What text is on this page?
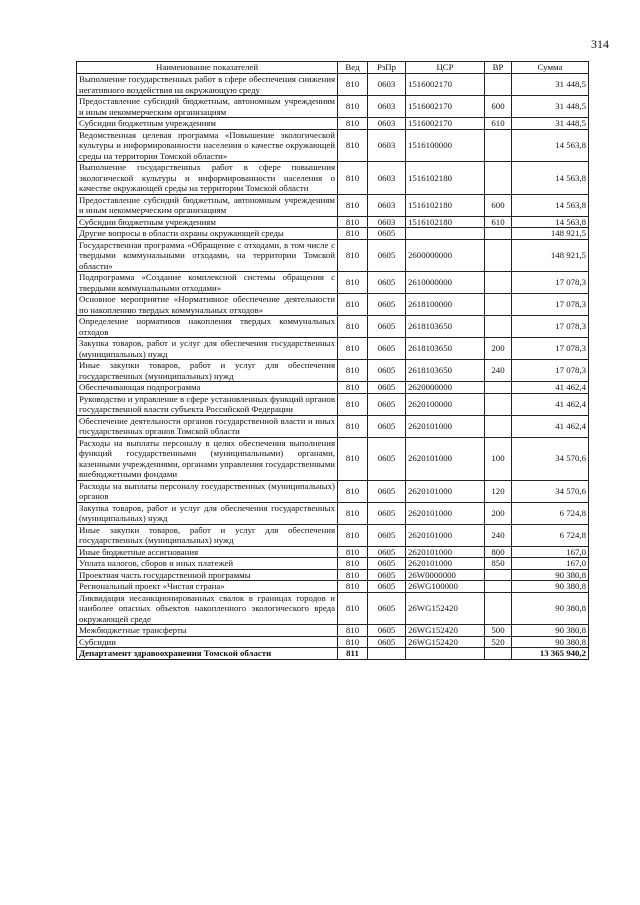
314
Наименование показателей	Вед	РзПр	ЦСР	ВР	Сумма
Выполнение государственных работ в сфере обеспечения снижения негативного воздействия на окружающую среду	810	0603	1516002170		31 448,5
Предоставление субсидий бюджетным, автономным учреждениям и иным некоммерческим организациям	810	0603	1516002170	600	31 448,5
Субсидии бюджетным учреждениям	810	0603	1516002170	610	31 448,5
Ведомственная целевая программа «Повышение экологической культуры и информированности населения о качестве окружающей среды на территории Томской области»	810	0603	1516100000		14 563,8
Выполнение государственных работ в сфере повышения экологической культуры и информированности населения о качестве окружающей среды на территории Томской области	810	0603	1516102180		14 563,8
Предоставление субсидий бюджетным, автономным учреждениям и иным некоммерческим организациям	810	0603	1516102180	600	14 563,8
Субсидии бюджетным учреждениям	810	0603	1516102180	610	14 563,8
Другие вопросы в области охраны окружающей среды	810	0605			148 921,5
Государственная программа «Обращение с отходами, в том числе с твердыми коммунальными отходами, на территории Томской области»	810	0605	2600000000		148 921,5
Подпрограмма «Создание комплексной системы обращения с твердыми коммунальными отходами»	810	0605	2610000000		17 078,3
Основное мероприятие «Нормативное обеспечение деятельности по накоплению твердых коммунальных отходов»	810	0605	2618100000		17 078,3
Определение нормативов накопления твердых коммунальных отходов	810	0605	2618103650		17 078,3
Закупка товаров, работ и услуг для обеспечения государственных (муниципальных) нужд	810	0605	2618103650	200	17 078,3
Иные закупки товаров, работ и услуг для обеспечения государственных (муниципальных) нужд	810	0605	2618103650	240	17 078,3
Обеспечивающая подпрограмма	810	0605	2620000000		41 462,4
Руководство и управление в сфере установленных функций органов государственной власти субъекта Российской Федерации	810	0605	2620100000		41 462,4
Обеспечение деятельности органов государственной власти и иных государственных органов Томской области	810	0605	2620101000		41 462,4
Расходы на выплаты персоналу в целях обеспечения выполнения функций государственными (муниципальными) органами, казенными учреждениями, органами управления государственными внебюджетными фондами	810	0605	2620101000	100	34 570,6
Расходы на выплаты персоналу государственных (муниципальных) органов	810	0605	2620101000	120	34 570,6
Закупка товаров, работ и услуг для обеспечения государственных (муниципальных) нужд	810	0605	2620101000	200	6 724,8
Иные закупки товаров, работ и услуг для обеспечения государственных (муниципальных) нужд	810	0605	2620101000	240	6 724,8
Иные бюджетные ассигнования	810	0605	2620101000	800	167,0
Уплата налогов, сборов и иных платежей	810	0605	2620101000	850	167,0
Проектная часть государственной программы	810	0605	26W0000000		90 380,8
Региональный проект «Чистая страна»	810	0605	26WG100000		90 380,8
Ликвидация несанкционированных свалок в границах городов и наиболее опасных объектов накопленного экологического вреда окружающей среде	810	0605	26WG152420		90 380,8
Межбюджетные трансферты	810	0605	26WG152420	500	90 380,8
Субсидии	810	0605	26WG152420	520	90 380,8
Департамент здравоохранения Томской области	811				13 365 940,2
